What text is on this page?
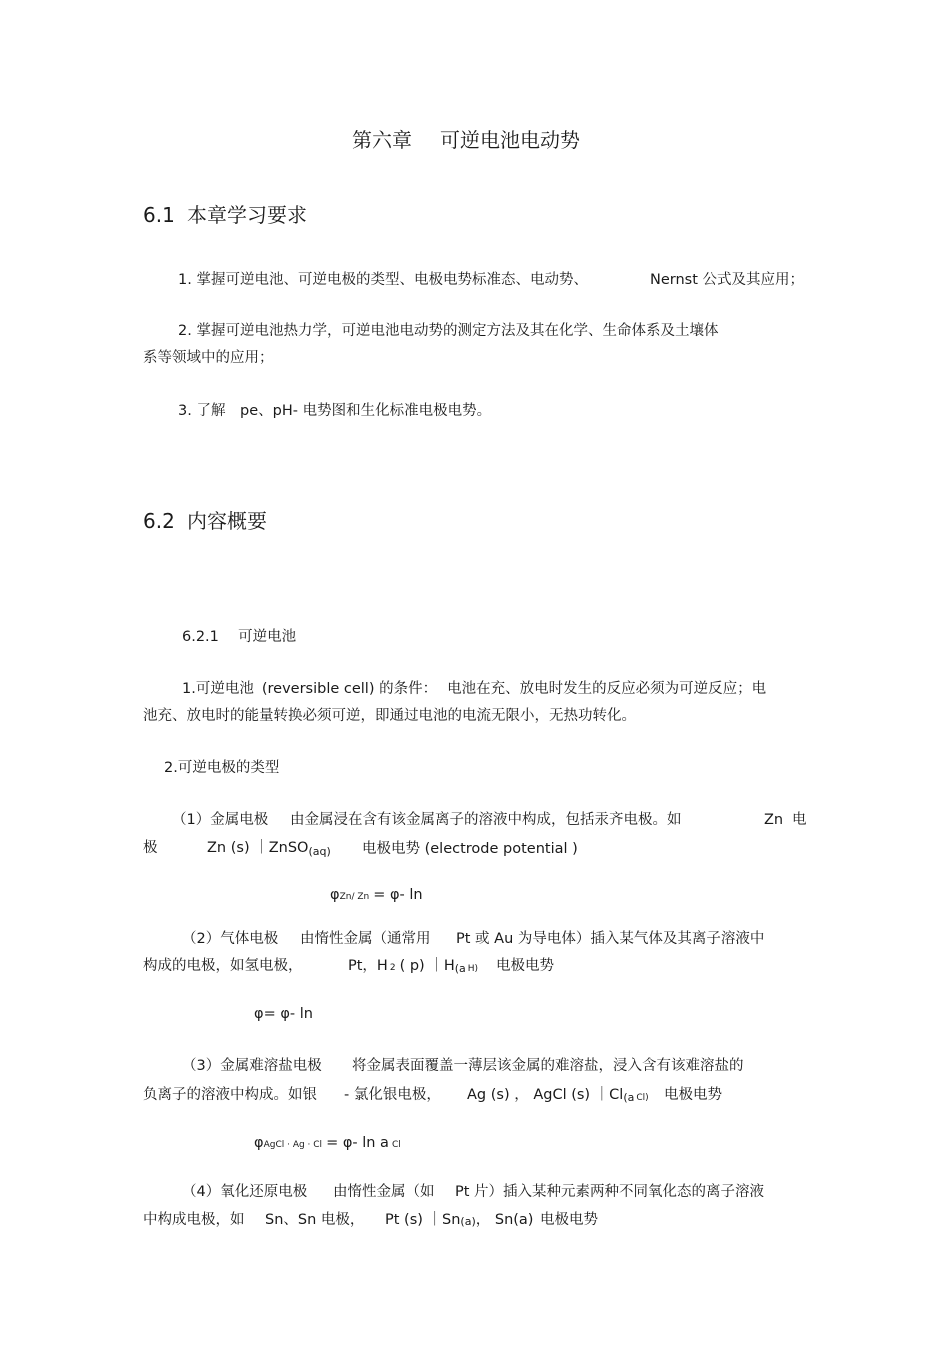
第六章 可逆电池电动势
6.1 本章学习要求
1. 掌握可逆电池、可逆电极的类型、电极电势标准态、电动势、	Nernst 公式及其应用；
2. 掌握可逆电池热力学，可逆电池电动势的测定方法及其在化学、生命体系及土壤体
系等领域中的应用；
3. 了解 pe、pH- 电势图和生化标准电极电势。
6.2 内容概要
6.2.1 可逆电池
1.可逆电池 (reversible cell) 的条件： 电池在充、放电时发生的反应必须为可逆反应；电
池充、放电时的能量转换必须可逆，即通过电池的电流无限小，无热功转化。
2.可逆电极的类型
（1）金属电极 由金属浸在含有该金属离子的溶液中构成，包括汞齐电极。如	Zn 电
极	Zn (s) ｜ZnSO$_{(aq)}$ 电极电势 (electrode potential )
φZn/ Zn = φ- ln
（2）气体电极 由惰性金属（通常用 Pt 或 Au 为导电体）插入某气体及其离子溶液中
构成的电极，如氢电极，	Pt，H 2 ( p) ｜H(a H) 电极电势
φ= φ- ln
（3）金属难溶盐电极 将金属表面覆盖一薄层该金属的难溶盐，浸入含有该难溶盐的
负离子的溶液中构成。如银 - 氯化银电极， Ag (s) ， AgCl (s) ｜Cl(a Cl) 电极电势
φAgCl · Ag · Cl = φ- ln a Cl
（4）氧化还原电极 由惰性金属（如 Pt 片）插入某种元素两种不同氧化态的离子溶液
中构成电极，如 Sn、Sn 电极， Pt (s) ｜Sn(a)， Sn(a) 电极电势
